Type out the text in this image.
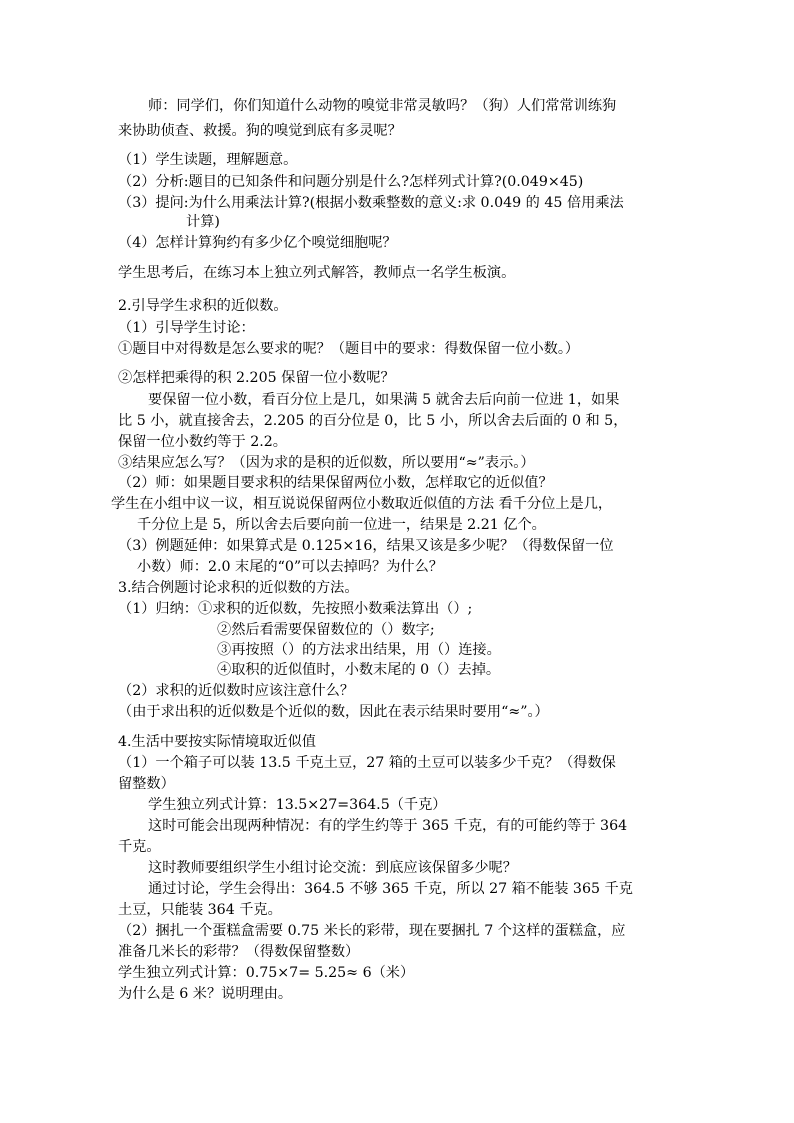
师：同学们，你们知道什么动物的嗅觉非常灵敏吗？（狗）人们常常训练狗
来协助侦查、救援。狗的嗅觉到底有多灵呢？
（1）学生读题，理解题意。
（2）分析:题目的已知条件和问题分别是什么?怎样列式计算?(0.049×45)
（3）提问:为什么用乘法计算?(根据小数乘整数的意义:求 0.049 的 45 倍用乘法
计算)
（4）怎样计算狗约有多少亿个嗅觉细胞呢？
学生思考后，在练习本上独立列式解答，教师点一名学生板演。
2.引导学生求积的近似数。
（1）引导学生讨论：
①题目中对得数是怎么要求的呢？（题目中的要求：得数保留一位小数。）
②怎样把乘得的积 2.205 保留一位小数呢？
要保留一位小数，看百分位上是几，如果满 5 就舍去后向前一位进 1，如果
比 5 小，就直接舍去，2.205 的百分位是 0，比 5 小，所以舍去后面的 0 和 5，
保留一位小数约等于 2.2。
③结果应怎么写？（因为求的是积的近似数，所以要用“≈”表示。）
（2）师：如果题目要求积的结果保留两位小数，怎样取它的近似值？
学生在小组中议一议，相互说说保留两位小数取近似值的方法 看千分位上是几，
千分位上是 5，所以舍去后要向前一位进一，结果是 2.21 亿个。
（3）例题延伸：如果算式是 0.125×16，结果又该是多少呢？（得数保留一位
小数）师：2.0 末尾的“0”可以去掉吗？为什么？
3.结合例题讨论求积的近似数的方法。
（1）归纳：①求积的近似数，先按照小数乘法算出（）;
②然后看需要保留数位的（）数字;
③再按照（）的方法求出结果，用（）连接。
④取积的近似值时，小数末尾的 0（）去掉。
（2）求积的近似数时应该注意什么？
（由于求出积的近似数是个近似的数，因此在表示结果时要用“≈”。）
4.生活中要按实际情境取近似值
（1）一个箱子可以装 13.5 千克土豆，27 箱的土豆可以装多少千克？（得数保
留整数）
学生独立列式计算：13.5×27=364.5（千克）
这时可能会出现两种情况：有的学生约等于 365 千克，有的可能约等于 364
千克。
这时教师要组织学生小组讨论交流：到底应该保留多少呢？
通过讨论，学生会得出：364.5 不够 365 千克，所以 27 箱不能装 365 千克
土豆，只能装 364 千克。
（2）捆扎一个蛋糕盒需要 0.75 米长的彩带，现在要捆扎 7 个这样的蛋糕盒，应
准备几米长的彩带？（得数保留整数）
学生独立列式计算：0.75×7= 5.25≈ 6（米）
为什么是 6 米？说明理由。
